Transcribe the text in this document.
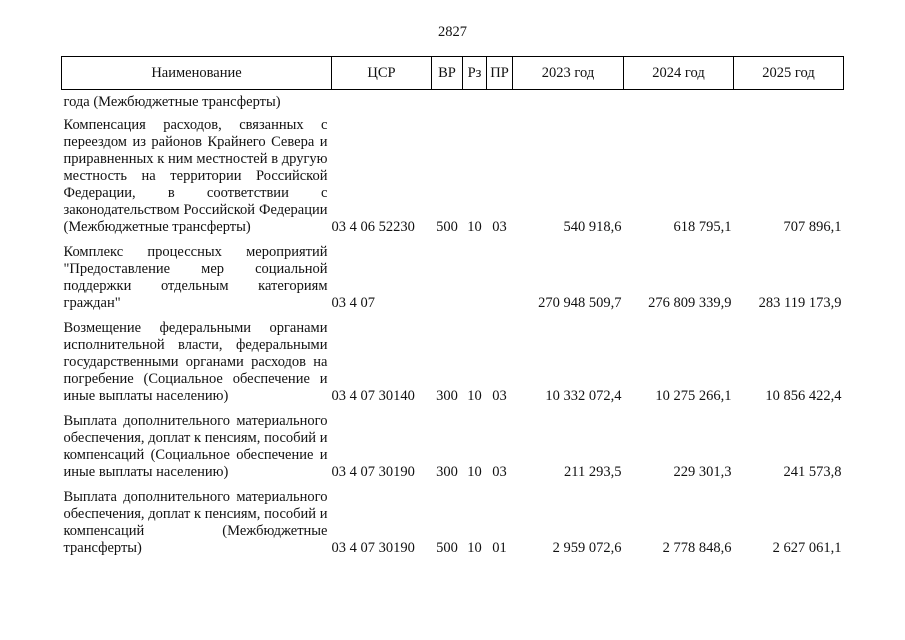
2827
Наименование	ЦСР	ВР	Рз	ПР	2023 год	2024 год	2025 год
года (Межбюджетные трансферты)							
Компенсация расходов, связанных с переездом из районов Крайнего Севера и приравненных к ним местностей в другую местность на территории Российской Федерации, в соответствии с законодательством Российской Федерации (Межбюджетные трансферты)	03 4 06 52230	500	10	03	540 918,6	618 795,1	707 896,1
Комплекс процессных мероприятий "Предоставление мер социальной поддержки отдельным категориям граждан"	03 4 07				270 948 509,7	276 809 339,9	283 119 173,9
Возмещение федеральными органами исполнительной власти, федеральными государственными органами расходов на погребение (Социальное обеспечение и иные выплаты населению)	03 4 07 30140	300	10	03	10 332 072,4	10 275 266,1	10 856 422,4
Выплата дополнительного материального обеспечения, доплат к пенсиям, пособий и компенсаций (Социальное обеспечение и иные выплаты населению)	03 4 07 30190	300	10	03	211 293,5	229 301,3	241 573,8
Выплата дополнительного материального обеспечения, доплат к пенсиям, пособий и компенсаций (Межбюджетные трансферты)	03 4 07 30190	500	10	01	2 959 072,6	2 778 848,6	2 627 061,1
